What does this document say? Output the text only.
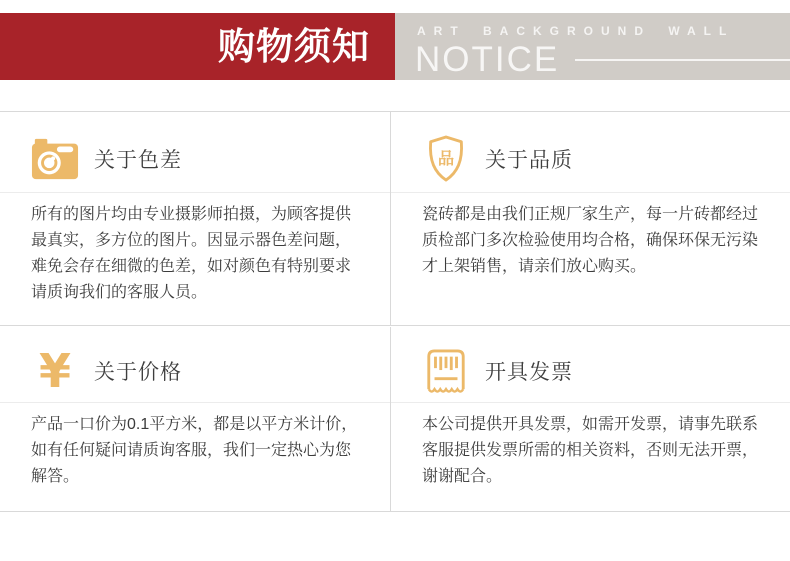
购物须知	ART BACKGROUND WALL
NOTICE
关于色差
所有的图片均由专业摄影师拍摄，为顾客提供最真实，多方位的图片。因显示器色差问题，难免会存在细微的色差，如对颜色有特别要求请质询我们的客服人员。
品 关于品质
瓷砖都是由我们正规厂家生产，每一片砖都经过质检部门多次检验使用均合格，确保环保无污染才上架销售，请亲们放心购买。
¥ 关于价格
产品一口价为0.1平方米，都是以平方米计价，如有任何疑问请质询客服，我们一定热心为您解答。
开具发票
本公司提供开具发票，如需开发票，请事先联系客服提供发票所需的相关资料，否则无法开票，谢谢配合。
